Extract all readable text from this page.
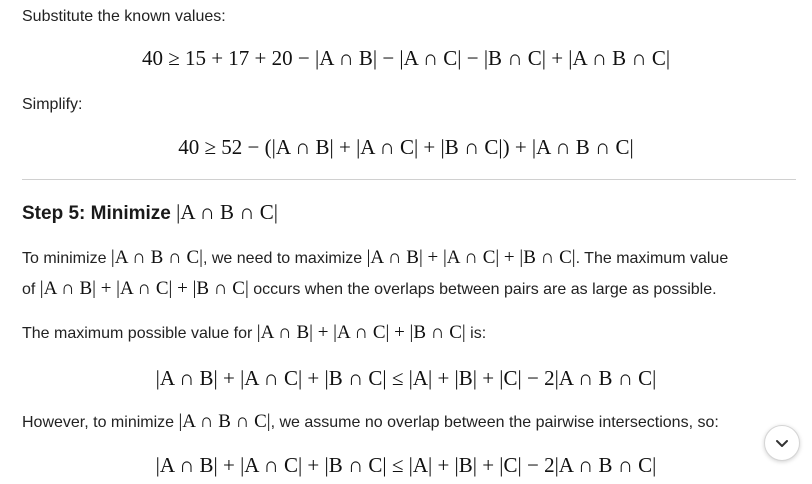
Substitute the known values:
40 ≥ 15 + 17 + 20 − |A ∩ B| − |A ∩ C| − |B ∩ C| + |A ∩ B ∩ C|
Simplify:
40 ≥ 52 − (|A ∩ B| + |A ∩ C| + |B ∩ C|) + |A ∩ B ∩ C|
Step 5: Minimize |A ∩ B ∩ C|
To minimize |A ∩ B ∩ C|, we need to maximize |A ∩ B| + |A ∩ C| + |B ∩ C|. The maximum value
of |A ∩ B| + |A ∩ C| + |B ∩ C| occurs when the overlaps between pairs are as large as possible.
The maximum possible value for |A ∩ B| + |A ∩ C| + |B ∩ C| is:
|A ∩ B| + |A ∩ C| + |B ∩ C| ≤ |A| + |B| + |C| − 2|A ∩ B ∩ C|
However, to minimize |A ∩ B ∩ C|, we assume no overlap between the pairwise intersections, so:
|A ∩ B| + |A ∩ C| + |B ∩ C| ≤ |A| + |B| + |C| − 2|A ∩ B ∩ C|
